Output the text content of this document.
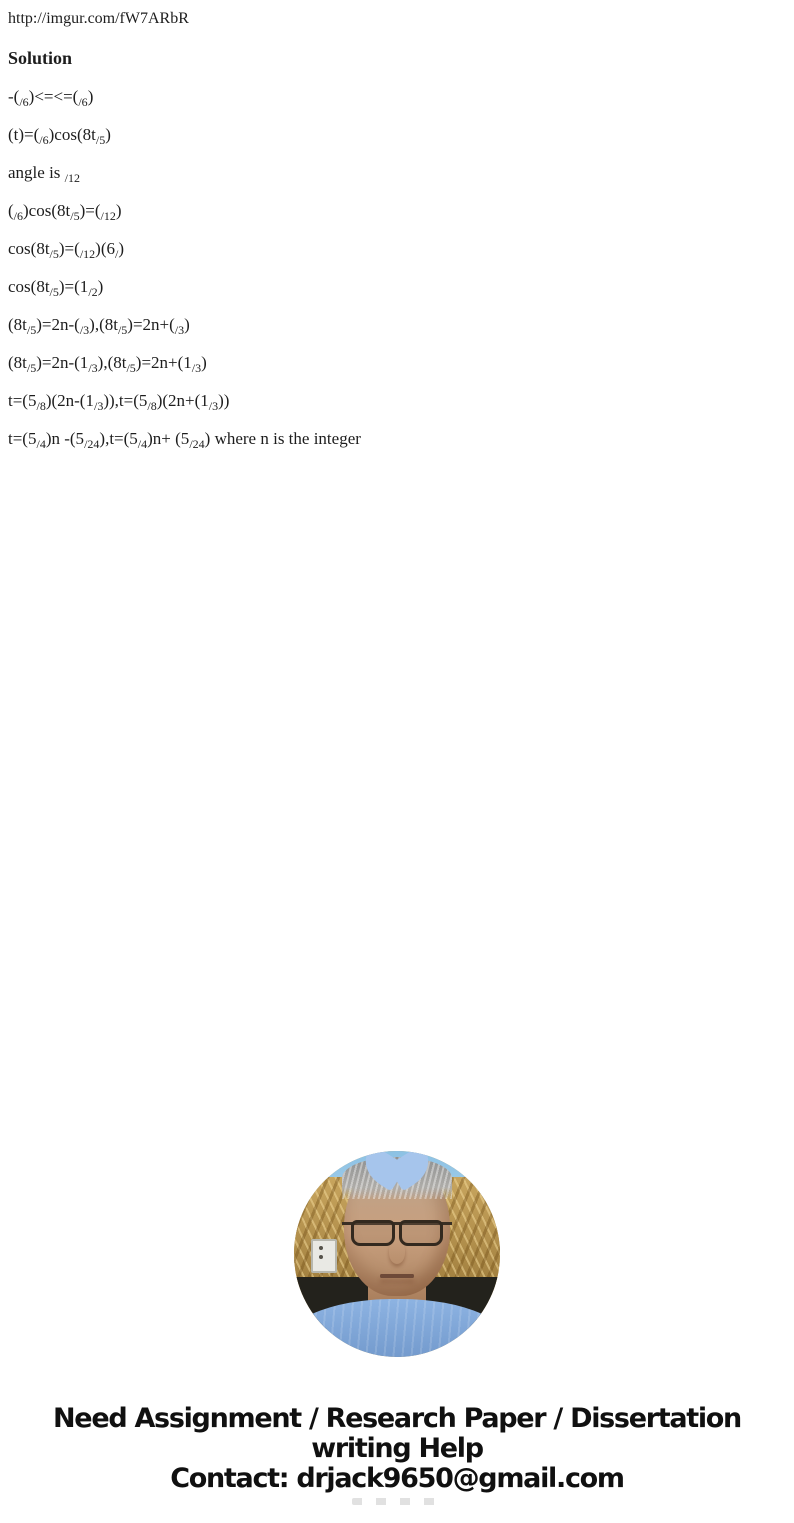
http://imgur.com/fW7ARbR

Solution

$-(_{/6})<=<=(_{/6})$

$(t)=(_{/6})\cos(8t_{/5})$

angle is $_{/12}$

$(_{/6})\cos(8t_{/5})=(_{/12})$

$\cos(8t_{/5})=(_{/12})(6_/)$

$\cos(8t_{/5})=(1_{/2})$

$(8t_{/5})=2n-(_{/3}),(8t_{/5})=2n+(_{/3})$

$(8t_{/5})=2n-(1_{/3}),(8t_{/5})=2n+(1_{/3})$

$t=(5_{/8})(2n-(1_{/3})),t=(5_{/8})(2n+(1_{/3}))$

$t=(5_{/4})n$ $-(5_{/24}),t=(5_{/4})n+ (5_{/24})$ where n is the integer

Need Assignment / Research Paper / Dissertation
writing Help
Contact: drjack9650@gmail.com
